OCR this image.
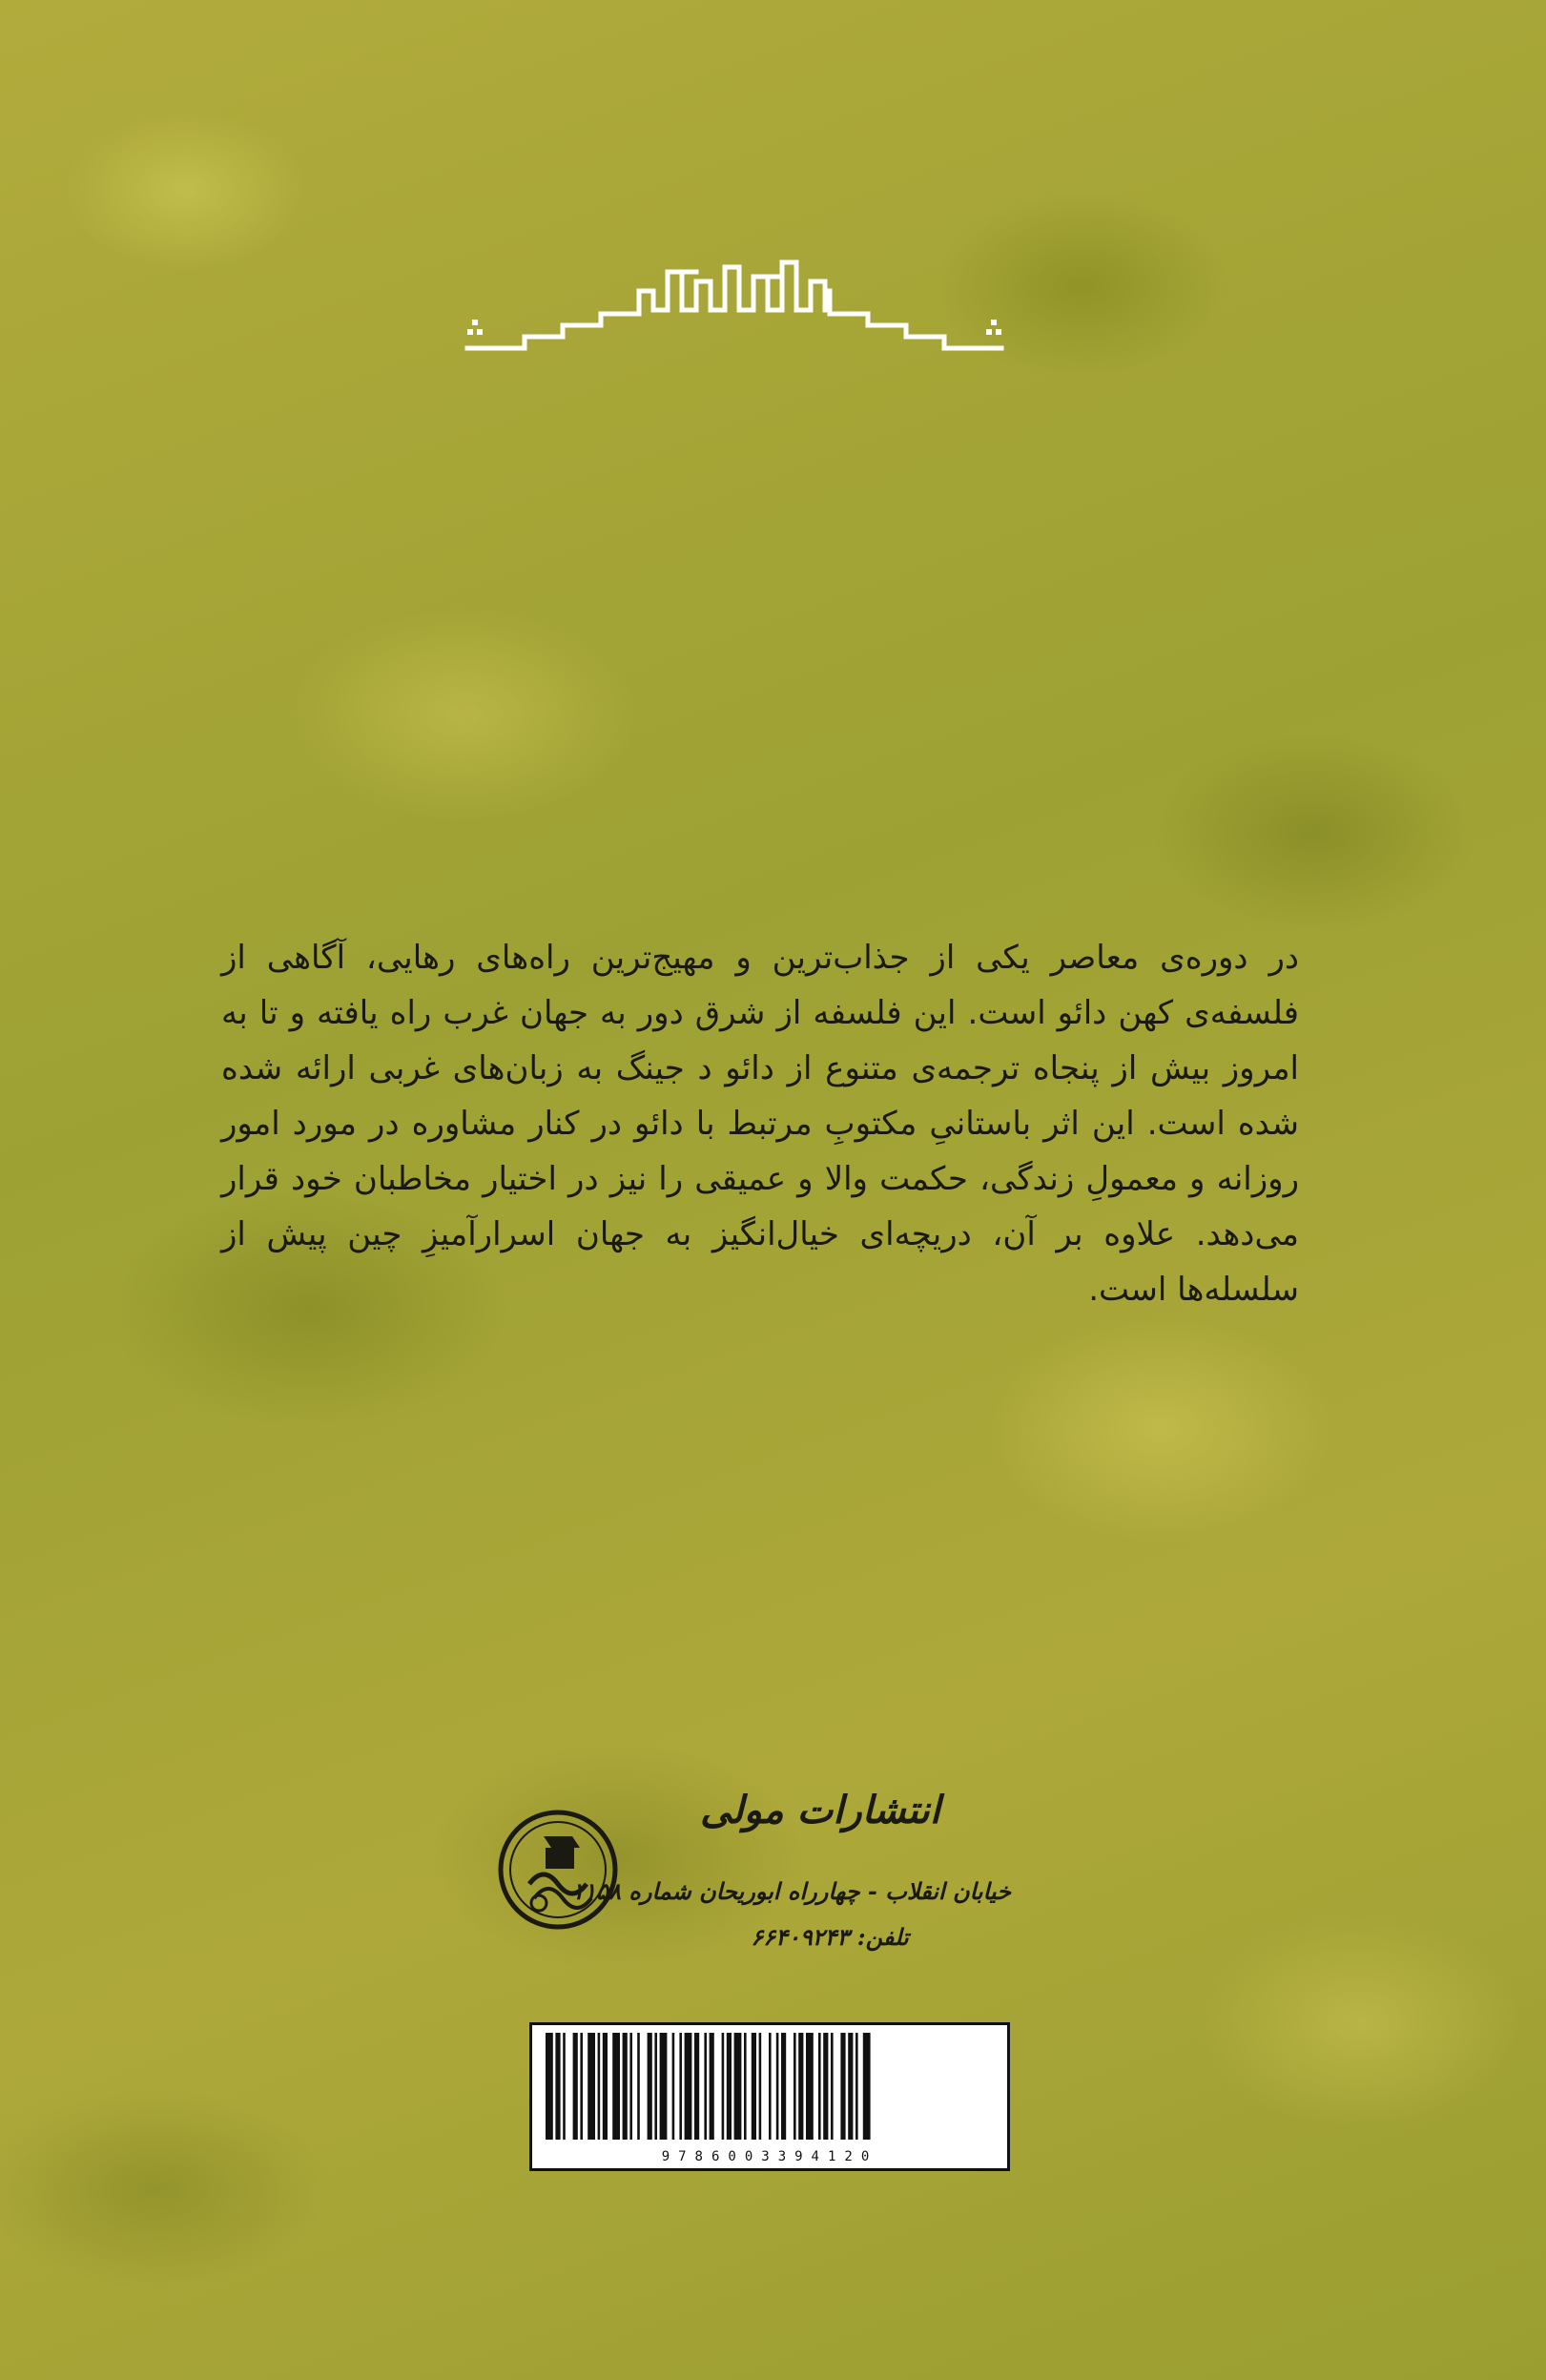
در دوره‌ی معاصر یکی از جذاب‌ترین و مهیج‌ترین راه‌های رهایی، آگاهی از فلسفه‌ی کهن دائو است. این فلسفه از شرق دور به جهان غرب راه یافته و تا به امروز بیش از پنجاه ترجمه‌ی متنوع از دائو د جینگ به زبان‌های غربی ارائه شده شده است. این اثر باستانیِ مکتوبِ مرتبط با دائو در کنار مشاوره در مورد امور روزانه و معمولِ زندگی، حکمت والا و عمیقی را نیز در اختیار مخاطبان خود قرار می‌دهد. علاوه بر آن، دریچه‌ای خیال‌انگیز به جهان اسرارآمیزِ چین پیش از سلسله‌ها است.

انتشارات مولی
خیابان انقلاب - چهارراه ابوریحان شماره ۱۱۵۸
تلفن: ۶۶۴۰۹۲۴۳
9786003394120
